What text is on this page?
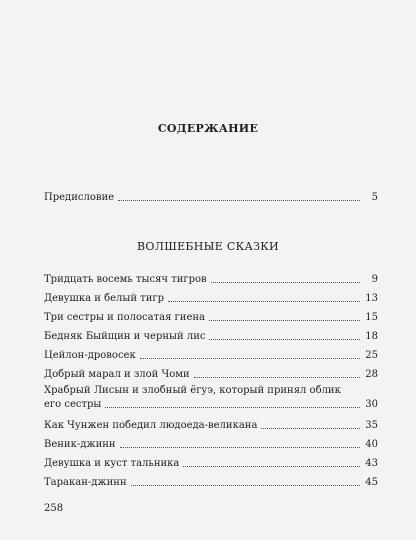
СОДЕРЖАНИЕ
Предисловие	5
ВОЛШЕБНЫЕ СКАЗКИ
Тридцать восемь тысяч тигров	9
Девушка и белый тигр	13
Три сестры и полосатая гиена	15
Бедняк Быйщин и черный лис	18
Цейлон-дровосек	25
Добрый марал и злой Чоми	28
Храбрый Лисын и злобный ёгуэ, который принял облик
его сестры	30
Как Чунжен победил людоеда-великана	35
Веник-джинн	40
Девушка и куст тальника	43
Таракан-джинн	45
258
